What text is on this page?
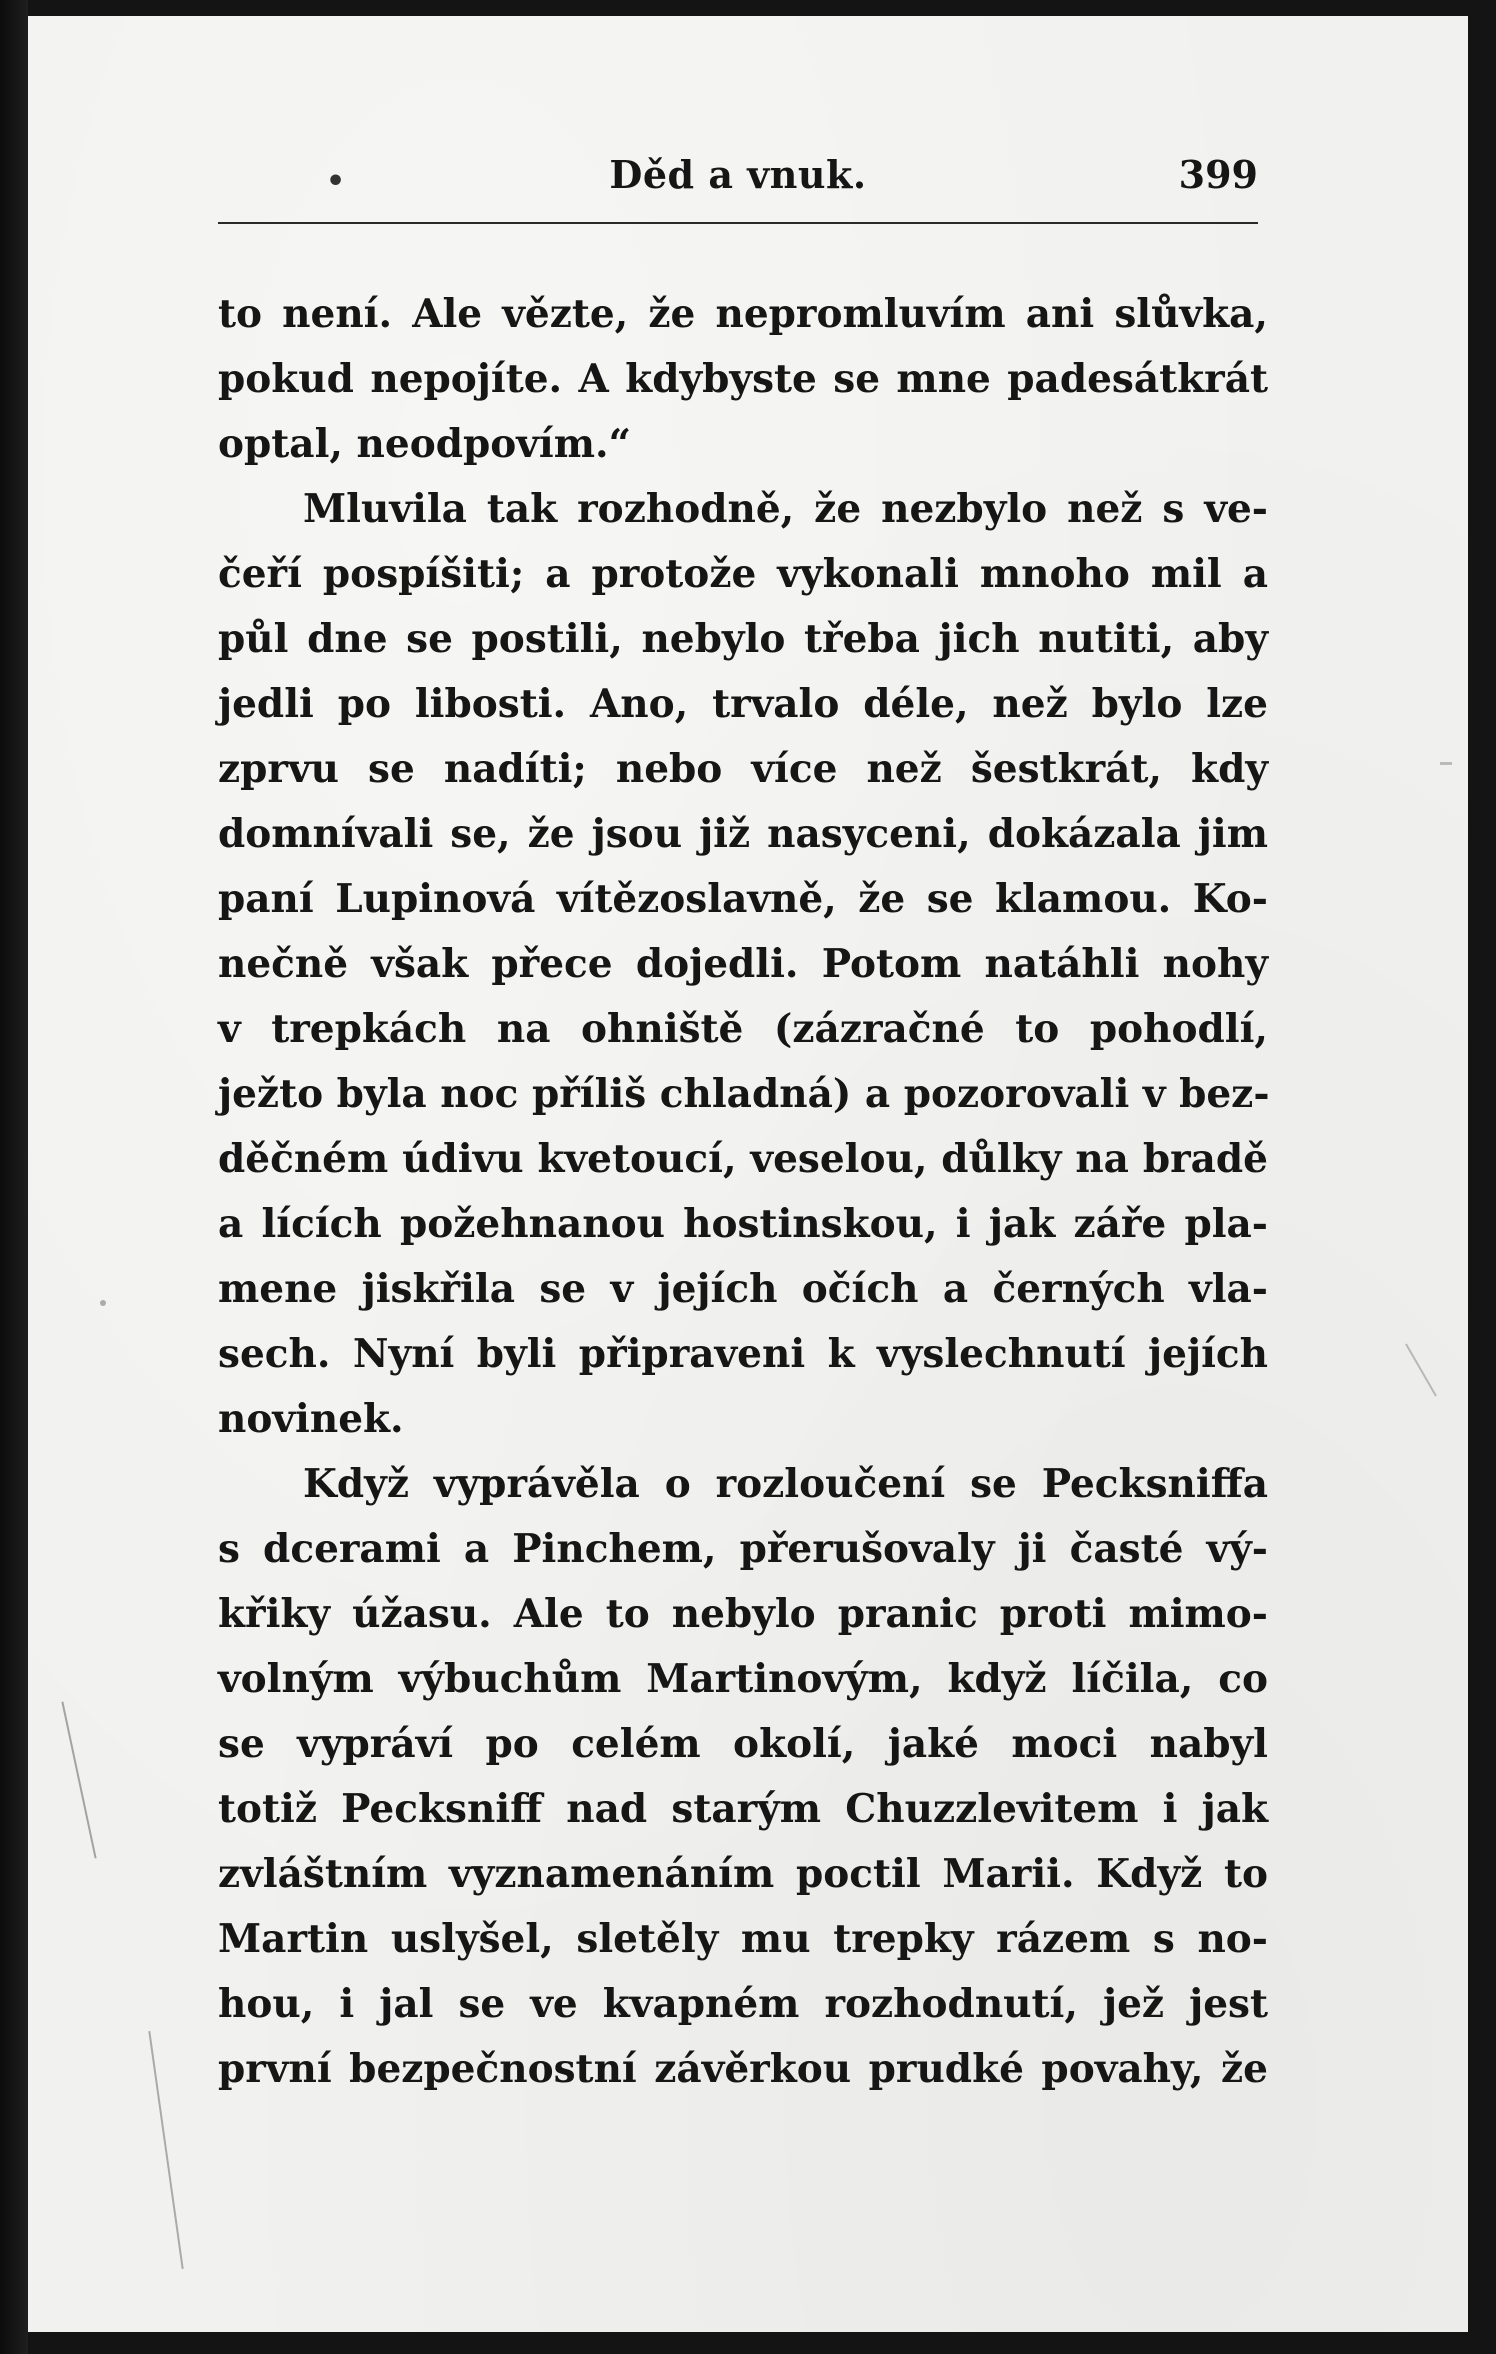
•	Děd a vnuk.	399
to není. Ale vězte, že nepromluvím ani slůvka,
pokud nepojíte. A kdybyste se mne padesátkrát
optal, neodpovím.“
Mluvila tak rozhodně, že nezbylo než s ve-
čeří pospíšiti; a protože vykonali mnoho mil a
půl dne se postili, nebylo třeba jich nutiti, aby
jedli po libosti. Ano, trvalo déle, než bylo lze
zprvu se nadíti; nebo více než šestkrát, kdy
domnívali se, že jsou již nasyceni, dokázala jim
paní Lupinová vítězoslavně, že se klamou. Ko-
nečně však přece dojedli. Potom natáhli nohy
v trepkách na ohniště (zázračné to pohodlí,
ježto byla noc příliš chladná) a pozorovali v bez-
děčném údivu kvetoucí, veselou, důlky na bradě
a lících požehnanou hostinskou, i jak záře pla-
mene jiskřila se v jejích očích a černých vla-
sech. Nyní byli připraveni k vyslechnutí jejích
novinek.
Když vyprávěla o rozloučení se Pecksniffa
s dcerami a Pinchem, přerušovaly ji časté vý-
křiky úžasu. Ale to nebylo pranic proti mimo-
volným výbuchům Martinovým, když líčila, co
se vypráví po celém okolí, jaké moci nabyl
totiž Pecksniff nad starým Chuzzlevitem i jak
zvláštním vyznamenáním poctil Marii. Když to
Martin uslyšel, sletěly mu trepky rázem s no-
hou, i jal se ve kvapném rozhodnutí, jež jest
první bezpečnostní závěrkou prudké povahy, že
